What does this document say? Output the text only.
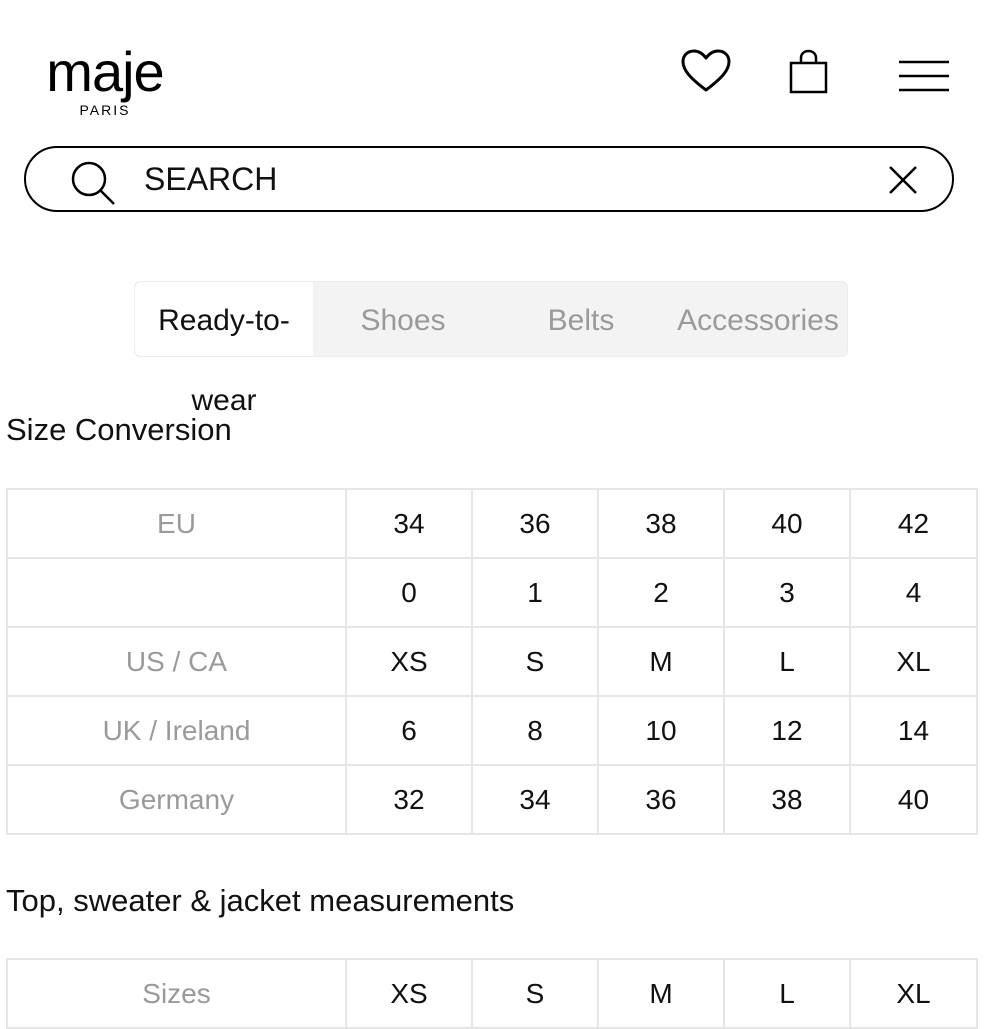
maje
PARIS
SEARCH
Ready-to-
wear
Shoes	Belts	Accessories
Size Conversion
EU	34	36	38	40	42
	0	1	2	3	4
US / CA	XS	S	M	L	XL
UK / Ireland	6	8	10	12	14
Germany	32	34	36	38	40
Top, sweater & jacket measurements
Sizes	XS	S	M	L	XL
